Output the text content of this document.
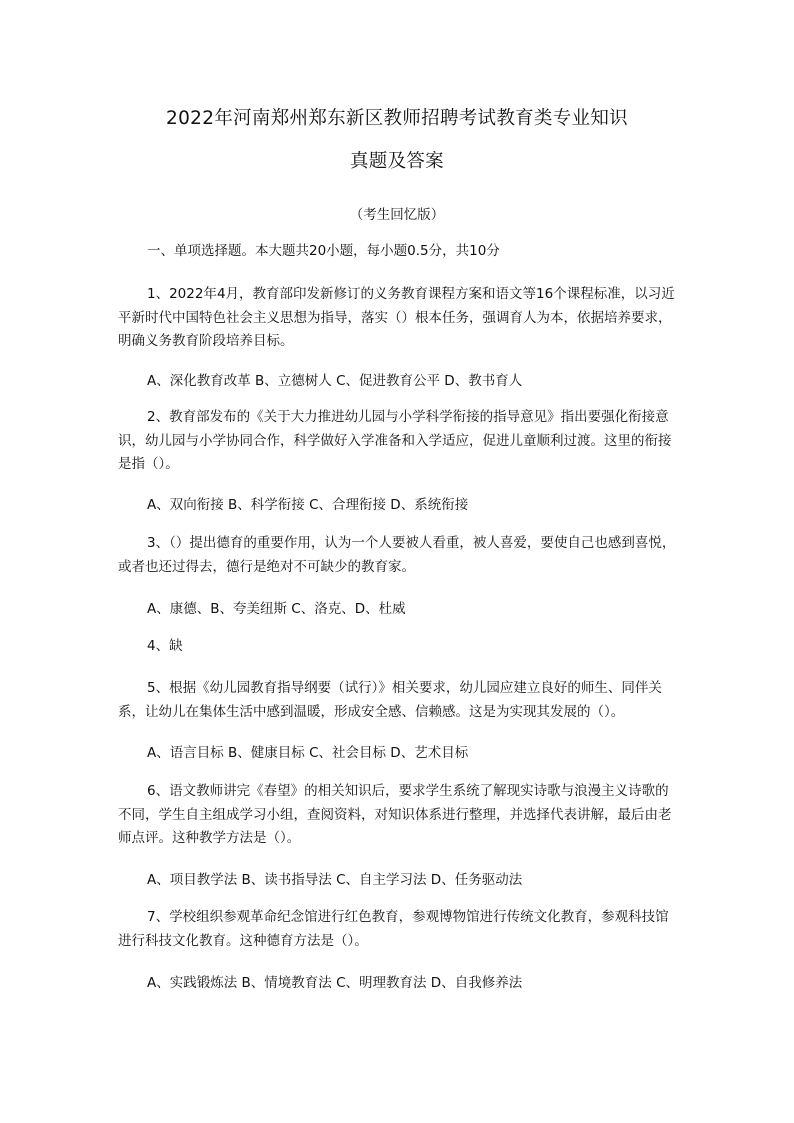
2022年河南郑州郑东新区教师招聘考试教育类专业知识
真题及答案
（考生回忆版）
一、单项选择题。本大题共20小题，每小题0.5分，共10分
1、2022年4月，教育部印发新修订的义务教育课程方案和语文等16个课程标准，以习近平新时代中国特色社会主义思想为指导，落实（）根本任务，强调育人为本，依据培养要求，明确义务教育阶段培养目标。
A、深化教育改革 B、立德树人 C、促进教育公平 D、教书育人
2、教育部发布的《关于大力推进幼儿园与小学科学衔接的指导意见》指出要强化衔接意识，幼儿园与小学协同合作，科学做好入学准备和入学适应，促进儿童顺利过渡。这里的衔接是指（）。
A、双向衔接 B、科学衔接 C、合理衔接 D、系统衔接
3、（）提出德育的重要作用，认为一个人要被人看重，被人喜爱，要使自己也感到喜悦，或者也还过得去，德行是绝对不可缺少的教育家。
A、康德、B、夸美纽斯 C、洛克、D、杜威
4、缺
5、根据《幼儿园教育指导纲要（试行）》相关要求，幼儿园应建立良好的师生、同伴关系，让幼儿在集体生活中感到温暖，形成安全感、信赖感。这是为实现其发展的（）。
A、语言目标 B、健康目标 C、社会目标 D、艺术目标
6、语文教师讲完《春望》的相关知识后，要求学生系统了解现实诗歌与浪漫主义诗歌的不同，学生自主组成学习小组，查阅资料，对知识体系进行整理，并选择代表讲解，最后由老师点评。这种教学方法是（）。
A、项目教学法 B、读书指导法 C、自主学习法 D、任务驱动法
7、学校组织参观革命纪念馆进行红色教育，参观博物馆进行传统文化教育，参观科技馆进行科技文化教育。这种德育方法是（）。
A、实践锻炼法 B、情境教育法 C、明理教育法 D、自我修养法
